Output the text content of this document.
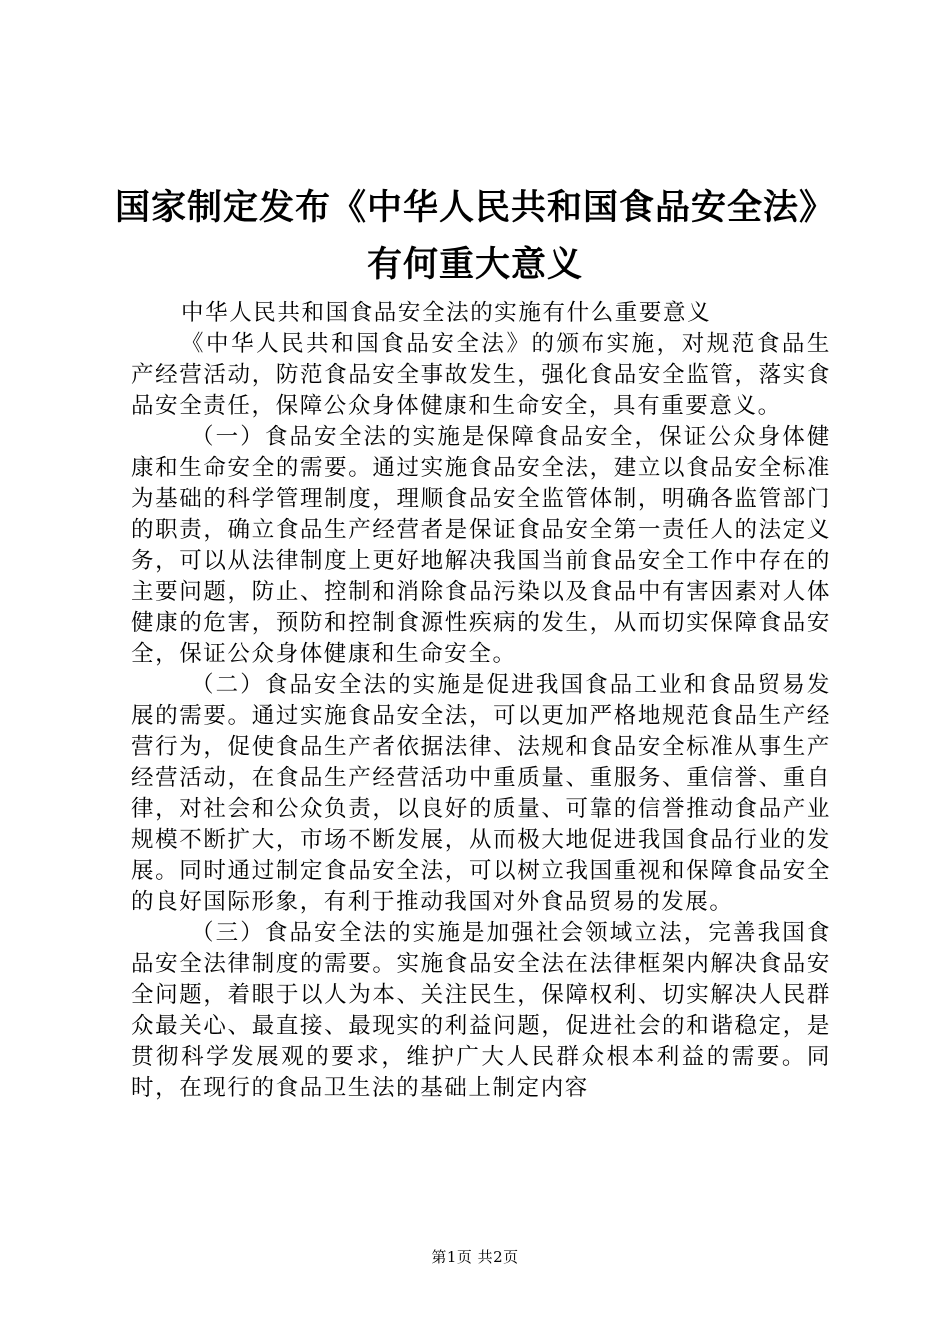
国家制定发布《中华人民共和国食品安全法》
有何重大意义

中华人民共和国食品安全法的实施有什么重要意义

《中华人民共和国食品安全法》的颁布实施，对规范食品生产经营活动，防范食品安全事故发生，强化食品安全监管，落实食品安全责任，保障公众身体健康和生命安全，具有重要意义。

（一）食品安全法的实施是保障食品安全，保证公众身体健康和生命安全的需要。通过实施食品安全法，建立以食品安全标准为基础的科学管理制度，理顺食品安全监管体制，明确各监管部门的职责，确立食品生产经营者是保证食品安全第一责任人的法定义务，可以从法律制度上更好地解决我国当前食品安全工作中存在的主要问题，防止、控制和消除食品污染以及食品中有害因素对人体健康的危害，预防和控制食源性疾病的发生，从而切实保障食品安全，保证公众身体健康和生命安全。

（二）食品安全法的实施是促进我国食品工业和食品贸易发展的需要。通过实施食品安全法，可以更加严格地规范食品生产经营行为，促使食品生产者依据法律、法规和食品安全标准从事生产经营活动，在食品生产经营活功中重质量、重服务、重信誉、重自律，对社会和公众负责，以良好的质量、可靠的信誉推动食品产业规模不断扩大，市场不断发展，从而极大地促进我国食品行业的发展。同时通过制定食品安全法，可以树立我国重视和保障食品安全的良好国际形象，有利于推动我国对外食品贸易的发展。

（三）食品安全法的实施是加强社会领域立法，完善我国食品安全法律制度的需要。实施食品安全法在法律框架内解决食品安全问题，着眼于以人为本、关注民生，保障权利、切实解决人民群众最关心、最直接、最现实的利益问题，促进社会的和谐稳定，是贯彻科学发展观的要求，维护广大人民群众根本利益的需要。同时，在现行的食品卫生法的基础上制定内容

第1页 共2页
